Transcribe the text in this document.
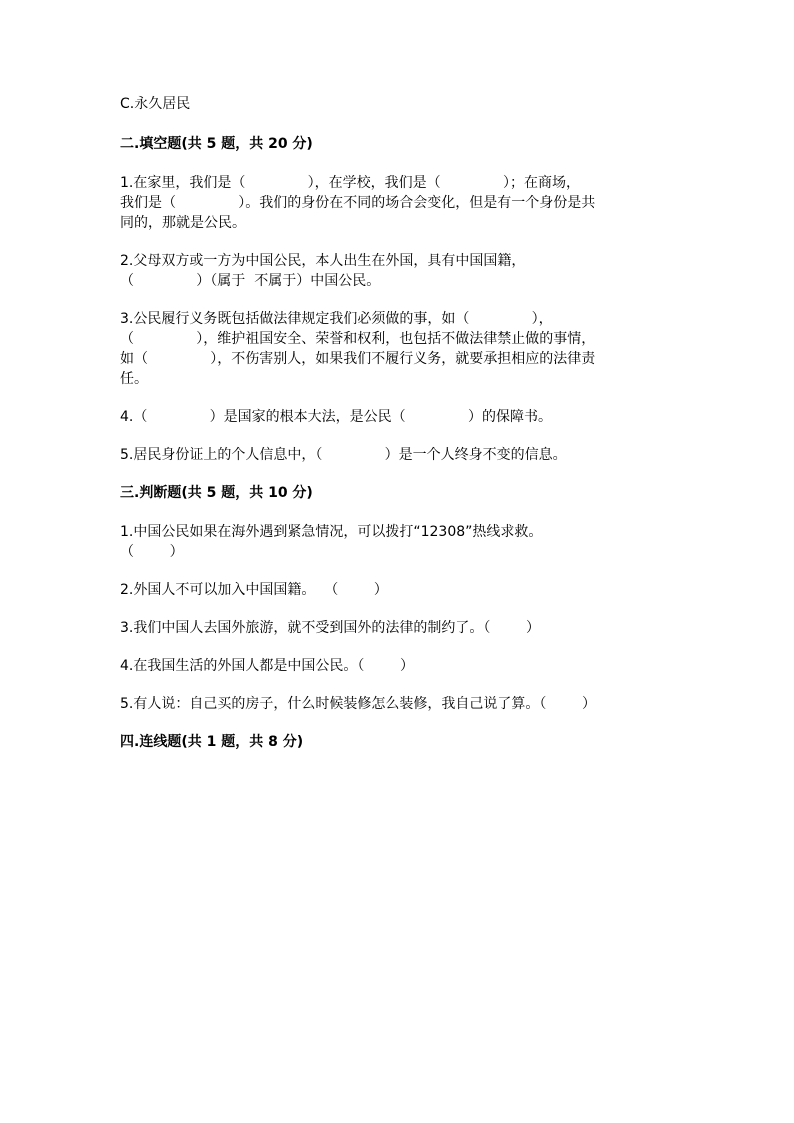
C.永久居民
二.填空题(共 5 题，共 20 分)
1.在家里，我们是（              ），在学校，我们是（              ）；在商场，
我们是（              ）。我们的身份在不同的场合会变化，但是有一个身份是共
同的，那就是公民。
2.父母双方或一方为中国公民，本人出生在外国，具有中国国籍，
（              ）（属于  不属于）中国公民。
3.公民履行义务既包括做法律规定我们必须做的事，如（              ），
（              ），维护祖国安全、荣誉和权利，也包括不做法律禁止做的事情，
如（              ），不伤害别人，如果我们不履行义务，就要承担相应的法律责
任。
4.（              ）是国家的根本大法，是公民（              ）的保障书。
5.居民身份证上的个人信息中，（              ）是一个人终身不变的信息。
三.判断题(共 5 题，共 10 分)
1.中国公民如果在海外遇到紧急情况，可以拨打“12308”热线求救。
（        ）
2.外国人不可以加入中国国籍。  （        ）
3.我们中国人去国外旅游，就不受到国外的法律的制约了。（        ）
4.在我国生活的外国人都是中国公民。（        ）
5.有人说：自己买的房子，什么时候装修怎么装修，我自己说了算。（        ）
四.连线题(共 1 题，共 8 分)
